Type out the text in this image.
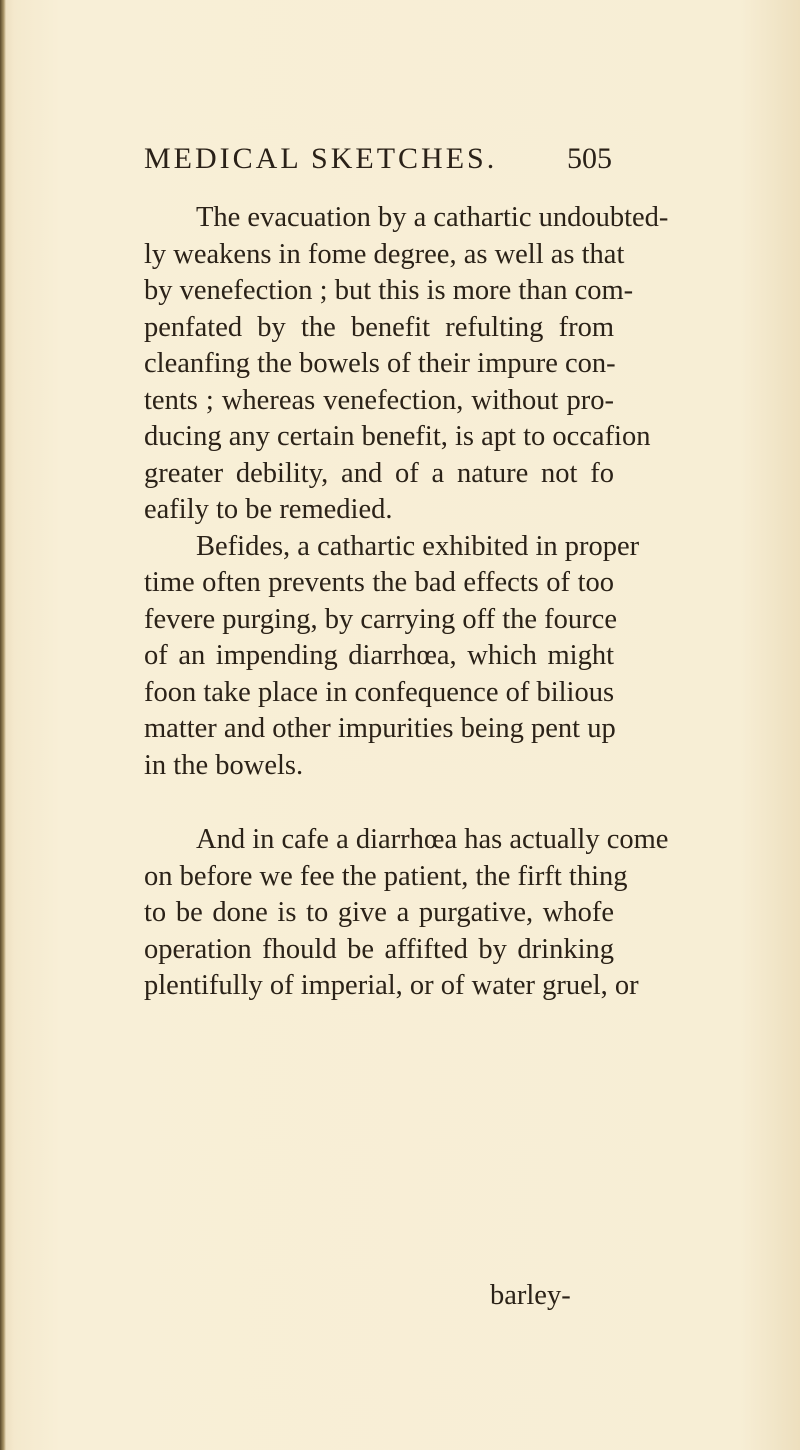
MEDICAL SKETCHES. 505
The evacuation by a cathartic undoubted-
ly weakens in fome degree, as well as that
by venefection ; but this is more than com-
penfated by the benefit refulting from
cleanfing the bowels of their impure con-
tents ; whereas venefection, without pro-
ducing any certain benefit, is apt to occafion
greater debility, and of a nature not fo
eafily to be remedied.
Befides, a cathartic exhibited in proper
time often prevents the bad effects of too
fevere purging, by carrying off the fource
of an impending diarrhœa, which might
foon take place in confequence of bilious
matter and other impurities being pent up
in the bowels.
And in cafe a diarrhœa has actually come
on before we fee the patient, the firft thing
to be done is to give a purgative, whofe
operation fhould be affifted by drinking
plentifully of imperial, or of water gruel, or
barley-
